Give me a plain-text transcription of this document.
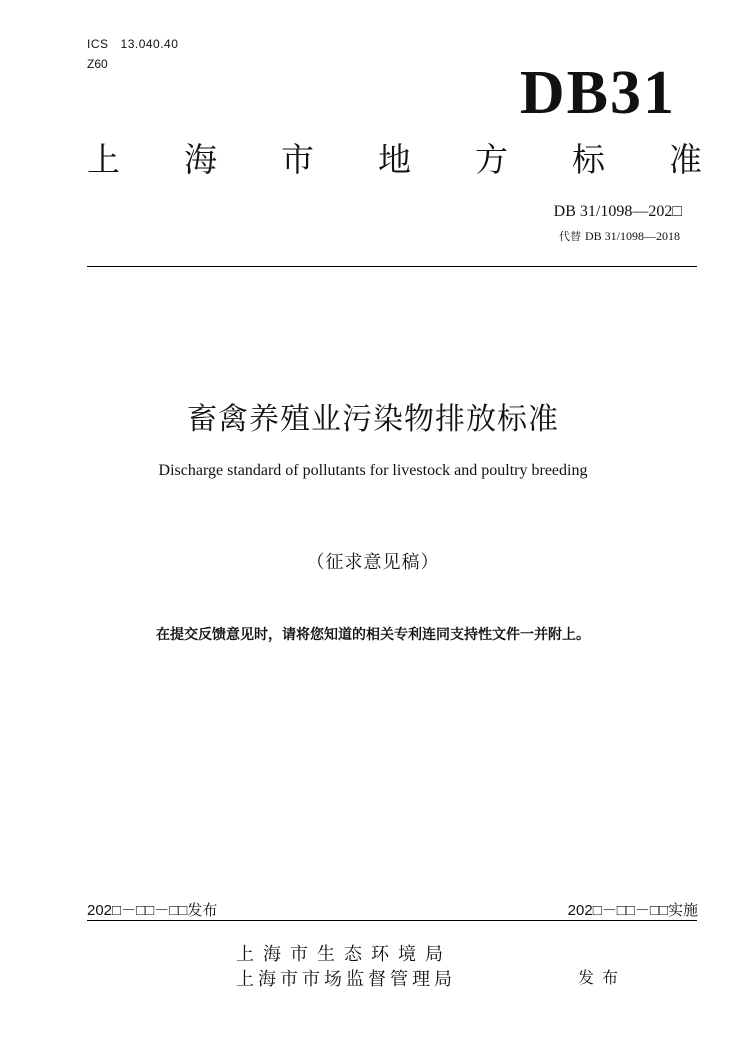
ICS 13.040.40
Z60	DB31
上 海 市 地 方 标 准
DB 31/1098—202□
代替 DB 31/1098—2018
畜禽养殖业污染物排放标准
Discharge standard of pollutants for livestock and poultry breeding
（征求意见稿）
在提交反馈意见时，请将您知道的相关专利连同支持性文件一并附上。
202□－□□－□□发布	202□－□□－□□实施
上海市生态环境局
上海市市场监督管理局	发布
